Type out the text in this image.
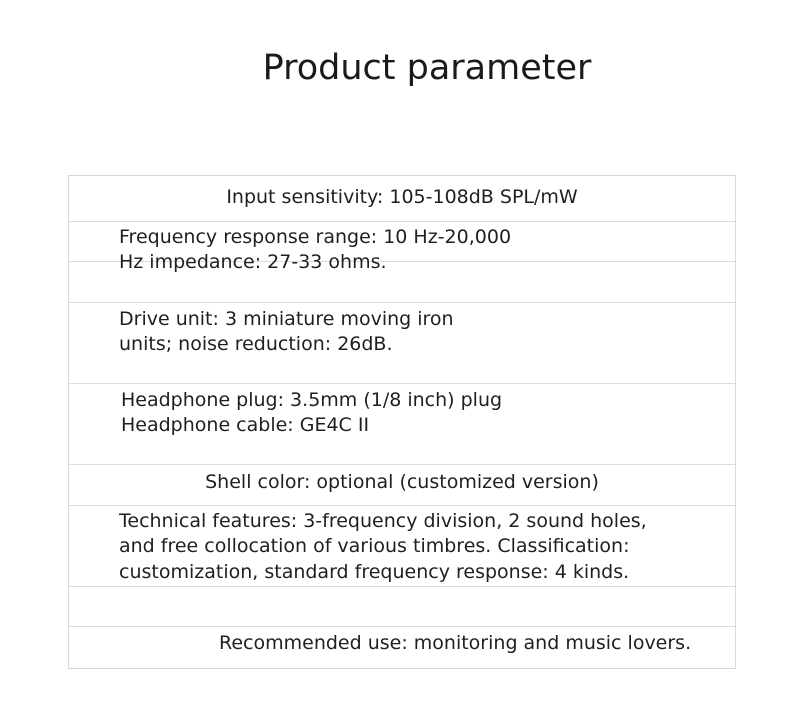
Product parameter
Input sensitivity: 105-108dB SPL/mW
Frequency response range: 10 Hz-20,000
Hz impedance: 27-33 ohms.
Drive unit: 3 miniature moving iron
units; noise reduction: 26dB.
Headphone plug: 3.5mm (1/8 inch) plug
Headphone cable: GE4C II
Shell color: optional (customized version)
Technical features: 3-frequency division, 2 sound holes,
and free collocation of various timbres. Classification:
customization, standard frequency response: 4 kinds.
Recommended use: monitoring and music lovers.
